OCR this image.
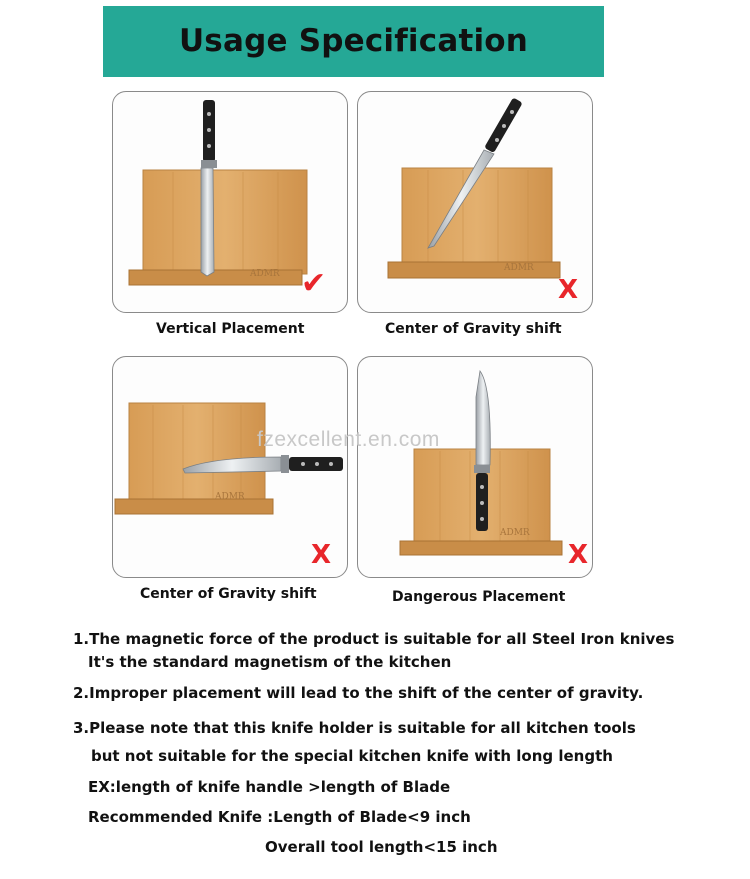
Usage Specification
ADMR ✔	ADMR
X
Vertical Placement	Center of Gravity shift
ADMR
X
ADMR
X
Center of Gravity shift	Dangerous Placement
fzexcellent.en.com
1.The magnetic force of the product is suitable for all Steel Iron knives
It's the standard magnetism of the kitchen
2.Improper placement will lead to the shift of the center of gravity.
3.Please note that this knife holder is suitable for all kitchen tools
but not suitable for the special kitchen knife with long length
EX:length of knife handle >length of Blade
Recommended Knife :Length of Blade<9 inch
Overall tool length<15 inch
